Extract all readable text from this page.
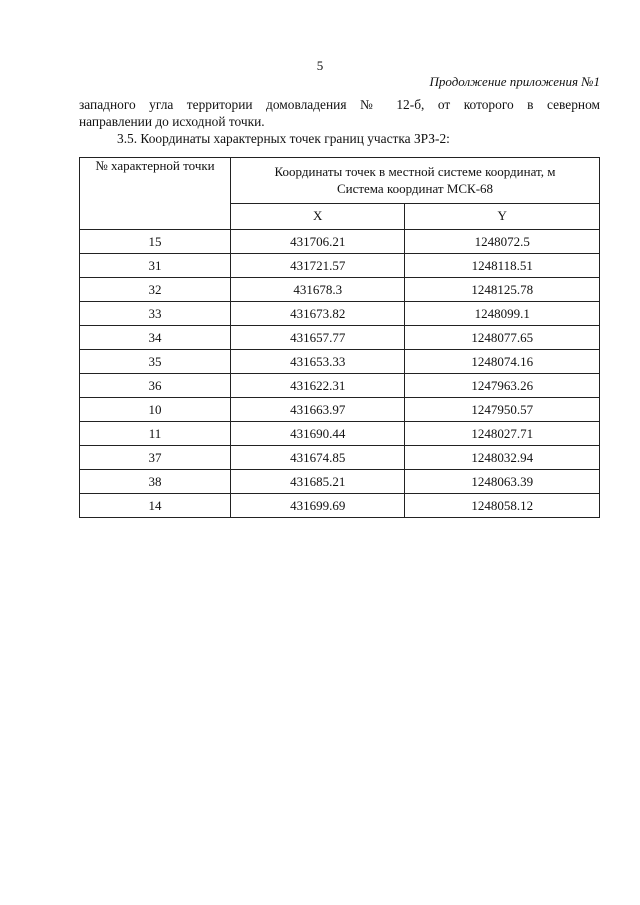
5
Продолжение приложения №1
западного угла территории домовладения № 12-б, от которого в северном
направлении до исходной точки.
3.5. Координаты характерных точек границ участка ЗРЗ-2:
№ характерной точки	Координаты точек в местной системе координат, м
Система координат МСК-68	

	X	Y
15	431706.21	1248072.5
31	431721.57	1248118.51
32	431678.3	1248125.78
33	431673.82	1248099.1
34	431657.77	1248077.65
35	431653.33	1248074.16
36	431622.31	1247963.26
10	431663.97	1247950.57
11	431690.44	1248027.71
37	431674.85	1248032.94
38	431685.21	1248063.39
14	431699.69	1248058.12
